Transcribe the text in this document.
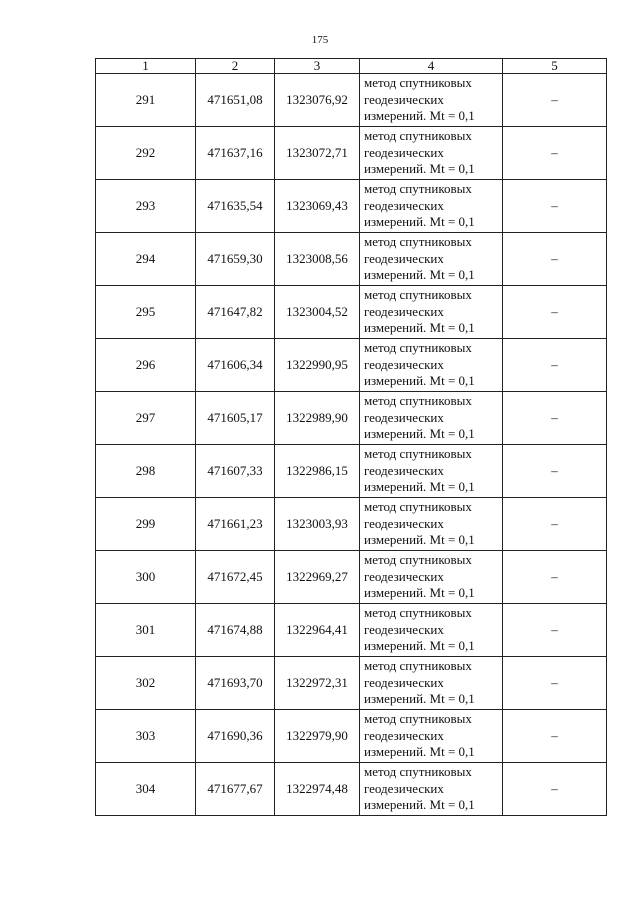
175
1	2	3	4	5
291	471651,08	1323076,92	метод спутниковых
геодезических
измерений. Mt = 0,1	–
292	471637,16	1323072,71	метод спутниковых
геодезических
измерений. Mt = 0,1	–
293	471635,54	1323069,43	метод спутниковых
геодезических
измерений. Mt = 0,1	–
294	471659,30	1323008,56	метод спутниковых
геодезических
измерений. Mt = 0,1	–
295	471647,82	1323004,52	метод спутниковых
геодезических
измерений. Mt = 0,1	–
296	471606,34	1322990,95	метод спутниковых
геодезических
измерений. Mt = 0,1	–
297	471605,17	1322989,90	метод спутниковых
геодезических
измерений. Mt = 0,1	–
298	471607,33	1322986,15	метод спутниковых
геодезических
измерений. Mt = 0,1	–
299	471661,23	1323003,93	метод спутниковых
геодезических
измерений. Mt = 0,1	–
300	471672,45	1322969,27	метод спутниковых
геодезических
измерений. Mt = 0,1	–
301	471674,88	1322964,41	метод спутниковых
геодезических
измерений. Mt = 0,1	–
302	471693,70	1322972,31	метод спутниковых
геодезических
измерений. Mt = 0,1	–
303	471690,36	1322979,90	метод спутниковых
геодезических
измерений. Mt = 0,1	–
304	471677,67	1322974,48	метод спутниковых
геодезических
измерений. Mt = 0,1	–
